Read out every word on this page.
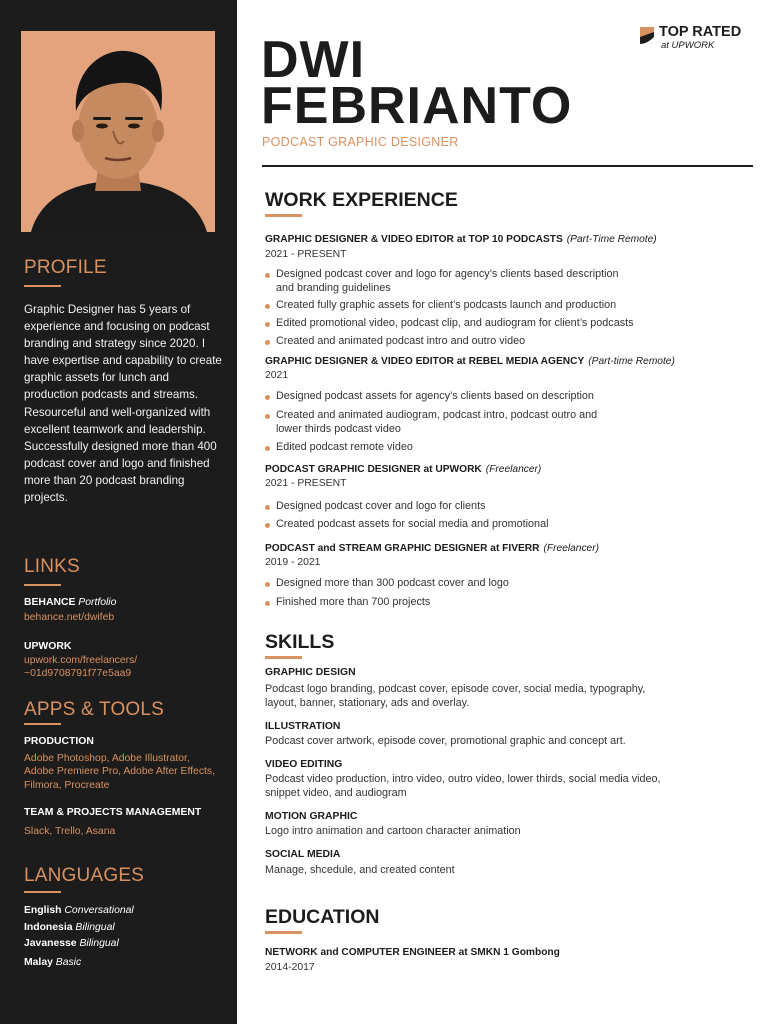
PROFILE
Graphic Designer has 5 years of experience and focusing on podcast branding and strategy since 2020. I have expertise and capability to create graphic assets for lunch and production podcasts and streams. Resourceful and well-organized with excellent teamwork and leadership. Successfully designed more than 400 podcast cover and logo and finished more than 20 podcast branding projects.
LINKS
BEHANCE Portfolio
behance.net/dwifeb
UPWORK
upwork.com/freelancers/
~01d9708791f77e5aa9
APPS & TOOLS
PRODUCTION
Adobe Photoshop, Adobe Illustrator,
Adobe Premiere Pro, Adobe After Effects,
Filmora, Procreate
TEAM & PROJECTS MANAGEMENT
Slack, Trello, Asana
LANGUAGES
English Conversational
Indonesia Bilingual
Javanesse Bilingual
Malay Basic
DWI
FEBRIANTO
PODCAST GRAPHIC DESIGNER
TOP RATED
at UPWORK
WORK EXPERIENCE
GRAPHIC DESIGNER & VIDEO EDITOR at TOP 10 PODCASTS (Part-Time Remote)
2021 - PRESENT
Designed podcast cover and logo for agency’s clients based description
and branding guidelines
Created fully graphic assets for client’s podcasts launch and production
Edited promotional video, podcast clip, and audiogram for client’s podcasts
Created and animated podcast intro and outro video
GRAPHIC DESIGNER & VIDEO EDITOR at REBEL MEDIA AGENCY (Part-time Remote)
2021
Designed podcast assets for agency’s clients based on description
Created and animated audiogram, podcast intro, podcast outro and
lower thirds podcast video
Edited podcast remote video
PODCAST GRAPHIC DESIGNER at UPWORK (Freelancer)
2021 - PRESENT
Designed podcast cover and logo for clients
Created podcast assets for social media and promotional
PODCAST and STREAM GRAPHIC DESIGNER at FIVERR (Freelancer)
2019 - 2021
Designed more than 300 podcast cover and logo
Finished more than 700 projects
SKILLS
GRAPHIC DESIGN
Podcast logo branding, podcast cover, episode cover, social media, typography,
layout, banner, stationary, ads and overlay.
ILLUSTRATION
Podcast cover artwork, episode cover, promotional graphic and concept art.
VIDEO EDITING
Podcast video production, intro video, outro video, lower thirds, social media video,
snippet video, and audiogram
MOTION GRAPHIC
Logo intro animation and cartoon character animation
SOCIAL MEDIA
Manage, shcedule, and created content
EDUCATION
NETWORK and COMPUTER ENGINEER at SMKN 1 Gombong
2014-2017
